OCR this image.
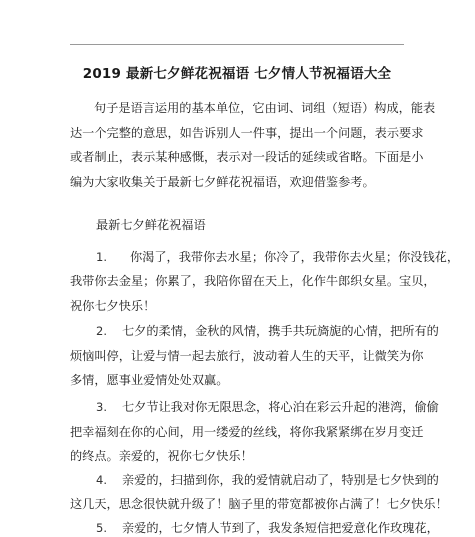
2019 最新七夕鲜花祝福语 七夕情人节祝福语大全
句子是语言运用的基本单位，它由词、词组（短语）构成，能表
达一个完整的意思，如告诉别人一件事，提出一个问题，表示要求
或者制止，表示某种感慨，表示对一段话的延续或省略。下面是小
编为大家收集关于最新七夕鲜花祝福语，欢迎借鉴参考。
最新七夕鲜花祝福语
1. 你渴了，我带你去水星；你冷了，我带你去火星；你没钱花，
我带你去金星；你累了，我陪你留在天上，化作牛郎织女星。宝贝，
祝你七夕快乐！
2. 七夕的柔情，金秋的风情，携手共玩旖旎的心情，把所有的
烦恼叫停，让爱与情一起去旅行，波动着人生的天平，让微笑为你
多情，愿事业爱情处处双赢。
3. 七夕节让我对你无限思念，将心泊在彩云升起的港湾，偷偷
把幸福刻在你的心间，用一缕爱的丝线，将你我紧紧绑在岁月变迁
的终点。亲爱的，祝你七夕快乐！
4. 亲爱的，扫描到你，我的爱情就启动了，特别是七夕快到的
这几天，思念很快就升级了！脑子里的带宽都被你占满了！七夕快乐！
5. 亲爱的，七夕情人节到了，我发条短信把爱意化作玫瑰花，
